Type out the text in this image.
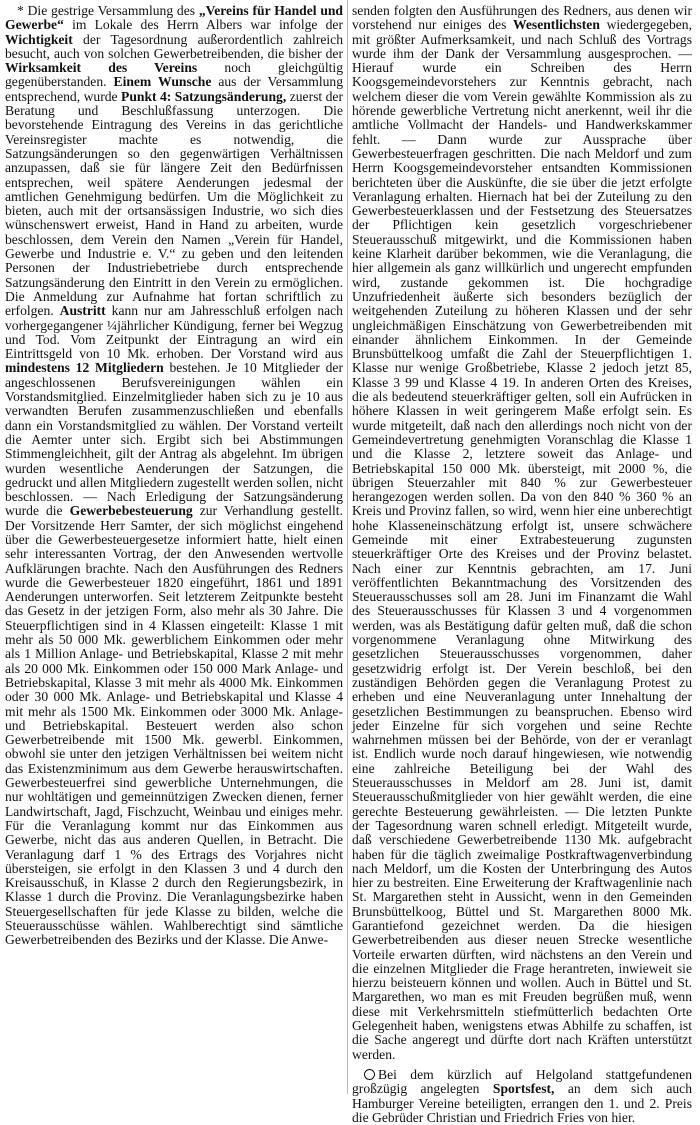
* Die gestrige Versammlung des „Vereins für Handel und Gewerbe“ im Lokale des Herrn Albers war infolge der Wichtigkeit der Tagesordnung außerordentlich zahlreich besucht, auch von solchen Gewerbetreibenden, die bisher der Wirksamkeit des Vereins noch gleichgültig gegenüberstanden. Einem Wunsche aus der Versammlung entsprechend, wurde Punkt 4: Satzungsänderung, zuerst der Beratung und Beschlußfassung unterzogen. Die bevorstehende Eintragung des Vereins in das gerichtliche Vereinsregister machte es notwendig, die Satzungsänderungen so den gegenwärtigen Verhältnissen anzupassen, daß sie für längere Zeit den Bedürfnissen entsprechen, weil spätere Aenderungen jedesmal der amtlichen Genehmigung bedürfen. Um die Möglichkeit zu bieten, auch mit der ortsansässigen Industrie, wo sich dies wünschenswert erweist, Hand in Hand zu arbeiten, wurde beschlossen, dem Verein den Namen „Verein für Handel, Gewerbe und Industrie e. V.“ zu geben und den leitenden Personen der Industriebetriebe durch entsprechende Satzungsänderung den Eintritt in den Verein zu ermöglichen. Die Anmeldung zur Aufnahme hat fortan schriftlich zu erfolgen. Austritt kann nur am Jahresschluß erfolgen nach vorhergegangener ¼jährlicher Kündigung, ferner bei Wegzug und Tod. Vom Zeitpunkt der Eintragung an wird ein Eintrittsgeld von 10 Mk. erhoben. Der Vorstand wird aus mindestens 12 Mitgliedern bestehen. Je 10 Mitglieder der angeschlossenen Berufsvereinigungen wählen ein Vorstandsmitglied. Einzelmitglieder haben sich zu je 10 aus verwandten Berufen zusammenzuschließen und ebenfalls dann ein Vorstandsmitglied zu wählen. Der Vorstand verteilt die Aemter unter sich. Ergibt sich bei Abstimmungen Stimmengleichheit, gilt der Antrag als abgelehnt. Im übrigen wurden wesentliche Aenderungen der Satzungen, die gedruckt und allen Mitgliedern zugestellt werden sollen, nicht beschlossen. — Nach Erledigung der Satzungsänderung wurde die Gewerbebesteuerung zur Verhandlung gestellt. Der Vorsitzende Herr Samter, der sich möglichst eingehend über die Gewerbesteuergesetze informiert hatte, hielt einen sehr interessanten Vortrag, der den Anwesenden wertvolle Aufklärungen brachte. Nach den Ausführungen des Redners wurde die Gewerbesteuer 1820 eingeführt, 1861 und 1891 Aenderungen unterworfen. Seit letzterem Zeitpunkte besteht das Gesetz in der jetzigen Form, also mehr als 30 Jahre. Die Steuerpflichtigen sind in 4 Klassen eingeteilt: Klasse 1 mit mehr als 50 000 Mk. gewerblichem Einkommen oder mehr als 1 Million Anlage- und Betriebskapital, Klasse 2 mit mehr als 20 000 Mk. Einkommen oder 150 000 Mark Anlage- und Betriebskapital, Klasse 3 mit mehr als 4000 Mk. Einkommen oder 30 000 Mk. Anlage- und Betriebskapital und Klasse 4 mit mehr als 1500 Mk. Einkommen oder 3000 Mk. Anlage- und Betriebskapital. Besteuert werden also schon Gewerbetreibende mit 1500 Mk. gewerbl. Einkommen, obwohl sie unter den jetzigen Verhältnissen bei weitem nicht das Existenzminimum aus dem Gewerbe herauswirtschaften. Gewerbesteuerfrei sind gewerbliche Unternehmungen, die nur wohltätigen und gemeinnützigen Zwecken dienen, ferner Landwirtschaft, Jagd, Fischzucht, Weinbau und einiges mehr. Für die Veranlagung kommt nur das Einkommen aus Gewerbe, nicht das aus anderen Quellen, in Betracht. Die Veranlagung darf 1 % des Ertrags des Vorjahres nicht übersteigen, sie erfolgt in den Klassen 3 und 4 durch den Kreisausschuß, in Klasse 2 durch den Regierungsbezirk, in Klasse 1 durch die Provinz. Die Veranlagungsbezirke haben Steuergesellschaften für jede Klasse zu bilden, welche die Steuerausschüsse wählen. Wahlberechtigt sind sämtliche Gewerbetreibenden des Bezirks und der Klasse. Die Anwe-

senden folgten den Ausführungen des Redners, aus denen wir vorstehend nur einiges des Wesentlichsten wiedergegeben, mit größter Aufmerksamkeit, und nach Schluß des Vortrags wurde ihm der Dank der Versammlung ausgesprochen. — Hierauf wurde ein Schreiben des Herrn Koogsgemeindevorstehers zur Kenntnis gebracht, nach welchem dieser die vom Verein gewählte Kommission als zu hörende gewerbliche Vertretung nicht anerkennt, weil ihr die amtliche Vollmacht der Handels- und Handwerkskammer fehlt. — Dann wurde zur Aussprache über Gewerbesteuerfragen geschritten. Die nach Meldorf und zum Herrn Koogsgemeindevorsteher entsandten Kommissionen berichteten über die Auskünfte, die sie über die jetzt erfolgte Veranlagung erhalten. Hiernach hat bei der Zuteilung zu den Gewerbesteuerklassen und der Festsetzung des Steuersatzes der Pflichtigen kein gesetzlich vorgeschriebener Steuerausschuß mitgewirkt, und die Kommissionen haben keine Klarheit darüber bekommen, wie die Veranlagung, die hier allgemein als ganz willkürlich und ungerecht empfunden wird, zustande gekommen ist. Die hochgradige Unzufriedenheit äußerte sich besonders bezüglich der weitgehenden Zuteilung zu höheren Klassen und der sehr ungleichmäßigen Einschätzung von Gewerbetreibenden mit einander ähnlichem Einkommen. In der Gemeinde Brunsbüttelkoog umfaßt die Zahl der Steuerpflichtigen 1. Klasse nur wenige Großbetriebe, Klasse 2 jedoch jetzt 85, Klasse 3 99 und Klasse 4 19. In anderen Orten des Kreises, die als bedeutend steuerkräftiger gelten, soll ein Aufrücken in höhere Klassen in weit geringerem Maße erfolgt sein. Es wurde mitgeteilt, daß nach den allerdings noch nicht von der Gemeindevertretung genehmigten Voranschlag die Klasse 1 und die Klasse 2, letztere soweit das Anlage- und Betriebskapital 150 000 Mk. übersteigt, mit 2000 %, die übrigen Steuerzahler mit 840 % zur Gewerbesteuer herangezogen werden sollen. Da von den 840 % 360 % an Kreis und Provinz fallen, so wird, wenn hier eine unberechtigt hohe Klasseneinschätzung erfolgt ist, unsere schwächere Gemeinde mit einer Extrabesteuerung zugunsten steuerkräftiger Orte des Kreises und der Provinz belastet. Nach einer zur Kenntnis gebrachten, am 17. Juni veröffentlichten Bekanntmachung des Vorsitzenden des Steuerausschusses soll am 28. Juni im Finanzamt die Wahl des Steuerausschusses für Klassen 3 und 4 vorgenommen werden, was als Bestätigung dafür gelten muß, daß die schon vorgenommene Veranlagung ohne Mitwirkung des gesetzlichen Steuerausschusses vorgenommen, daher gesetzwidrig erfolgt ist. Der Verein beschloß, bei den zuständigen Behörden gegen die Veranlagung Protest zu erheben und eine Neuveranlagung unter Innehaltung der gesetzlichen Bestimmungen zu beanspruchen. Ebenso wird jeder Einzelne für sich vorgehen und seine Rechte wahrnehmen müssen bei der Behörde, von der er veranlagt ist. Endlich wurde noch darauf hingewiesen, wie notwendig eine zahlreiche Beteiligung bei der Wahl des Steuerausschusses in Meldorf am 28. Juni ist, damit Steuerausschußmitglieder von hier gewählt werden, die eine gerechte Besteuerung gewährleisten. — Die letzten Punkte der Tagesordnung waren schnell erledigt. Mitgeteilt wurde, daß verschiedene Gewerbetreibende 1130 Mk. aufgebracht haben für die täglich zweimalige Postkraftwagenverbindung nach Meldorf, um die Kosten der Unterbringung des Autos hier zu bestreiten. Eine Erweiterung der Kraftwagenlinie nach St. Margarethen steht in Aussicht, wenn in den Gemeinden Brunsbüttelkoog, Büttel und St. Margarethen 8000 Mk. Garantiefond gezeichnet werden. Da die hiesigen Gewerbetreibenden aus dieser neuen Strecke wesentliche Vorteile erwarten dürften, wird nächstens an den Verein und die einzelnen Mitglieder die Frage herantreten, inwieweit sie hierzu beisteuern können und wollen. Auch in Büttel und St. Margarethen, wo man es mit Freuden begrüßen muß, wenn diese mit Verkehrsmitteln stiefmütterlich bedachten Orte Gelegenheit haben, wenigstens etwas Abhilfe zu schaffen, ist die Sache angeregt und dürfte dort nach Kräften unterstützt werden.

Bei dem kürzlich auf Helgoland stattgefundenen großzügig angelegten Sportsfest, an dem sich auch Hamburger Vereine beteiligten, errangen den 1. und 2. Preis die Gebrüder Christian und Friedrich Fries von hier.
